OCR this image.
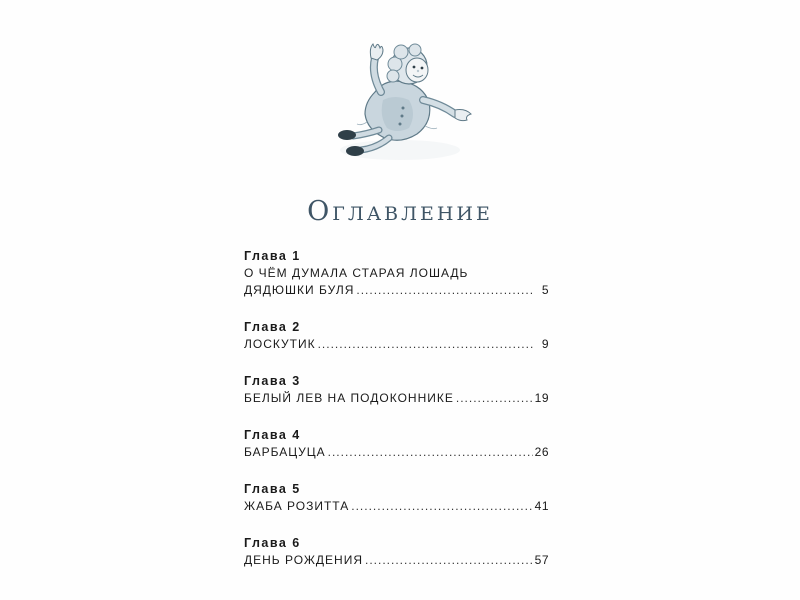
Оглавление
Глава 1
О ЧЁМ ДУМАЛА СТАРАЯ ЛОШАДЬ
ДЯДЮШКИ БУЛЯ .....	5
Глава 2
ЛОСКУТИК .....	9
Глава 3
БЕЛЫЙ ЛЕВ НА ПОДОКОННИКЕ .....	19
Глава 4
БАРБАЦУЦА .....	26
Глава 5
ЖАБА РОЗИТТА .....	41
Глава 6
ДЕНЬ РОЖДЕНИЯ .....	57
